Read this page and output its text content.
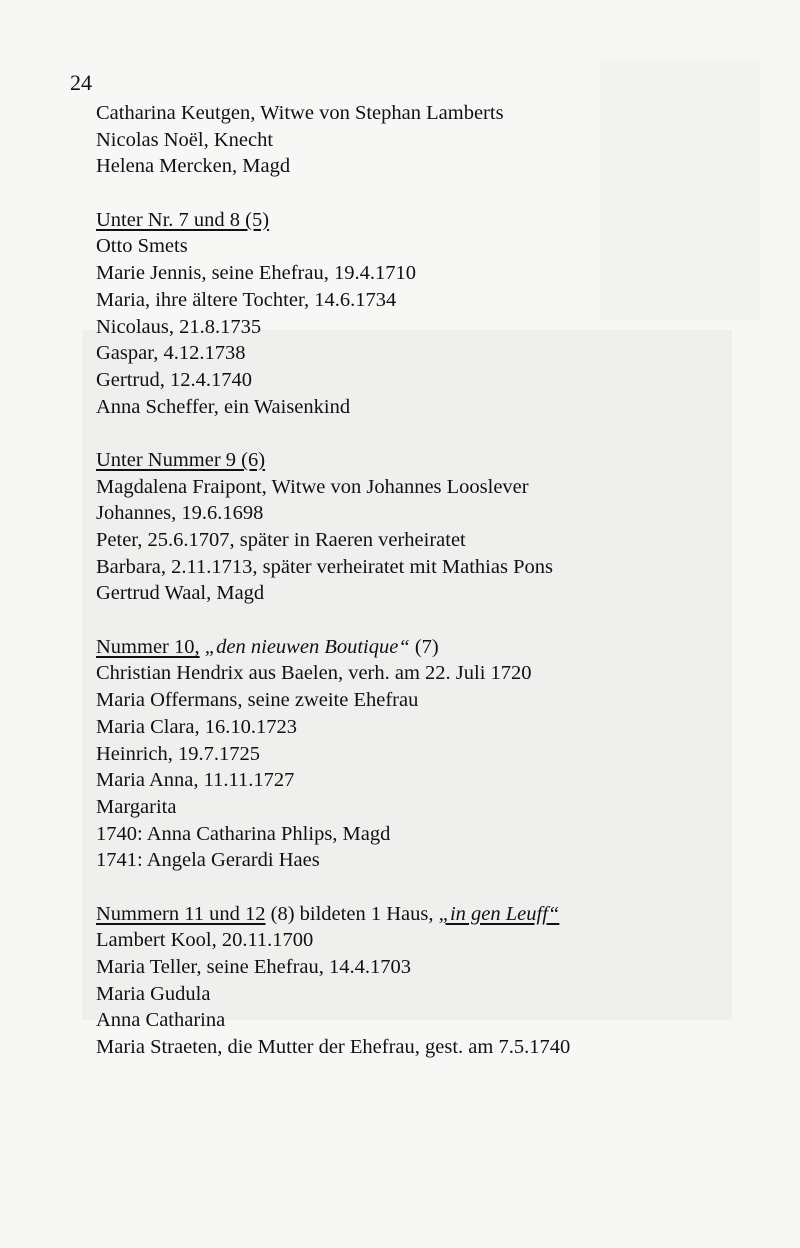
24
Catharina Keutgen, Witwe von Stephan Lamberts
Nicolas Noël, Knecht
Helena Mercken, Magd
Unter Nr. 7 und 8 (5)
Otto Smets
Marie Jennis, seine Ehefrau, 19.4.1710
Maria, ihre ältere Tochter, 14.6.1734
Nicolaus, 21.8.1735
Gaspar, 4.12.1738
Gertrud, 12.4.1740
Anna Scheffer, ein Waisenkind
Unter Nummer 9 (6)
Magdalena Fraipont, Witwe von Johannes Looslever
Johannes, 19.6.1698
Peter, 25.6.1707, später in Raeren verheiratet
Barbara, 2.11.1713, später verheiratet mit Mathias Pons
Gertrud Waal, Magd
Nummer 10, „den nieuwen Boutique“ (7)
Christian Hendrix aus Baelen, verh. am 22. Juli 1720
Maria Offermans, seine zweite Ehefrau
Maria Clara, 16.10.1723
Heinrich, 19.7.1725
Maria Anna, 11.11.1727
Margarita
1740: Anna Catharina Phlips, Magd
1741: Angela Gerardi Haes
Nummern 11 und 12 (8) bildeten 1 Haus, „in gen Leuff“
Lambert Kool, 20.11.1700
Maria Teller, seine Ehefrau, 14.4.1703
Maria Gudula
Anna Catharina
Maria Straeten, die Mutter der Ehefrau, gest. am 7.5.1740
